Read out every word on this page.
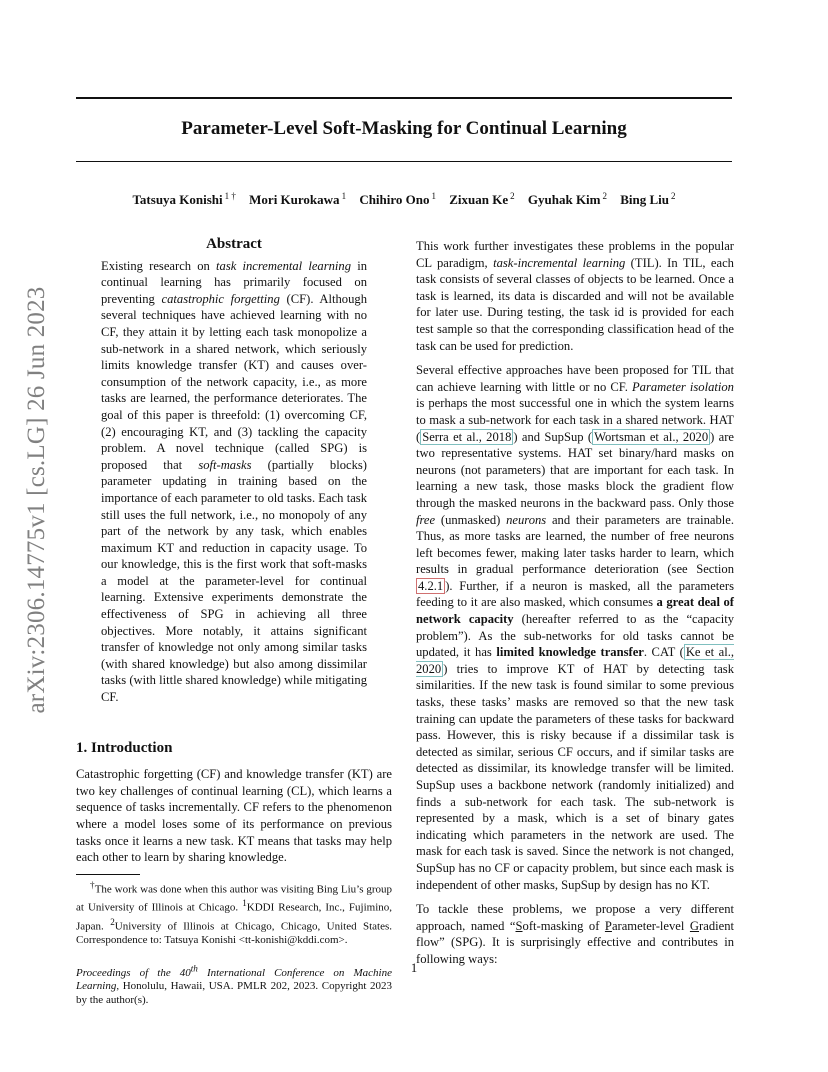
arXiv:2306.14775v1 [cs.LG] 26 Jun 2023
Parameter-Level Soft-Masking for Continual Learning
Tatsuya Konishi $^{1 \dagger}$ Mori Kurokawa $^1$ Chihiro Ono $^1$ Zixuan Ke $^2$ Gyuhak Kim $^2$ Bing Liu $^2$
Abstract

Existing research on task incremental learning in continual learning has primarily focused on preventing catastrophic forgetting (CF). Although several techniques have achieved learning with no CF, they attain it by letting each task monopolize a sub-network in a shared network, which seriously limits knowledge transfer (KT) and causes over-consumption of the network capacity, i.e., as more tasks are learned, the performance deteriorates. The goal of this paper is threefold: (1) overcoming CF, (2) encouraging KT, and (3) tackling the capacity problem. A novel technique (called SPG) is proposed that soft-masks (partially blocks) parameter updating in training based on the importance of each parameter to old tasks. Each task still uses the full network, i.e., no monopoly of any part of the network by any task, which enables maximum KT and reduction in capacity usage. To our knowledge, this is the first work that soft-masks a model at the parameter-level for continual learning. Extensive experiments demonstrate the effectiveness of SPG in achieving all three objectives. More notably, it attains significant transfer of knowledge not only among similar tasks (with shared knowledge) but also among dissimilar tasks (with little shared knowledge) while mitigating CF.

1. Introduction

Catastrophic forgetting (CF) and knowledge transfer (KT) are two key challenges of continual learning (CL), which learns a sequence of tasks incrementally. CF refers to the phenomenon where a model loses some of its performance on previous tasks once it learns a new task. KT means that tasks may help each other to learn by sharing knowledge.

†The work was done when this author was visiting Bing Liu’s group at University of Illinois at Chicago. $^1$KDDI Research, Inc., Fujimino, Japan. $^2$University of Illinois at Chicago, Chicago, United States. Correspondence to: Tatsuya Konishi <tt-konishi@kddi.com>.

Proceedings of the 40th International Conference on Machine Learning, Honolulu, Hawaii, USA. PMLR 202, 2023. Copyright 2023 by the author(s).

This work further investigates these problems in the popular CL paradigm, task-incremental learning (TIL). In TIL, each task consists of several classes of objects to be learned. Once a task is learned, its data is discarded and will not be available for later use. During testing, the task id is provided for each test sample so that the corresponding classification head of the task can be used for prediction.

Several effective approaches have been proposed for TIL that can achieve learning with little or no CF. Parameter isolation is perhaps the most successful one in which the system learns to mask a sub-network for each task in a shared network. HAT ( Serra et al., 2018 ) and SupSup ( Wortsman et al., 2020 ) are two representative systems. HAT set binary/hard masks on neurons (not parameters) that are important for each task. In learning a new task, those masks block the gradient flow through the masked neurons in the backward pass. Only those free (unmasked) neurons and their parameters are trainable. Thus, as more tasks are learned, the number of free neurons left becomes fewer, making later tasks harder to learn, which results in gradual performance deterioration (see Section 4.2.1 ). Further, if a neuron is masked, all the parameters feeding to it are also masked, which consumes a great deal of network capacity (hereafter referred to as the “capacity problem”). As the sub-networks for old tasks cannot be updated, it has limited knowledge transfer. CAT ( Ke et al., 2020 ) tries to improve KT of HAT by detecting task similarities. If the new task is found similar to some previous tasks, these tasks’ masks are removed so that the new task training can update the parameters of these tasks for backward pass. However, this is risky because if a dissimilar task is detected as similar, serious CF occurs, and if similar tasks are detected as dissimilar, its knowledge transfer will be limited. SupSup uses a backbone network (randomly initialized) and finds a sub-network for each task. The sub-network is represented by a mask, which is a set of binary gates indicating which parameters in the network are used. The mask for each task is saved. Since the network is not changed, SupSup has no CF or capacity problem, but since each mask is independent of other masks, SupSup by design has no KT.

To tackle these problems, we propose a very different approach, named “Soft-masking of Parameter-level Gradient flow” (SPG). It is surprisingly effective and contributes in following ways:

1
